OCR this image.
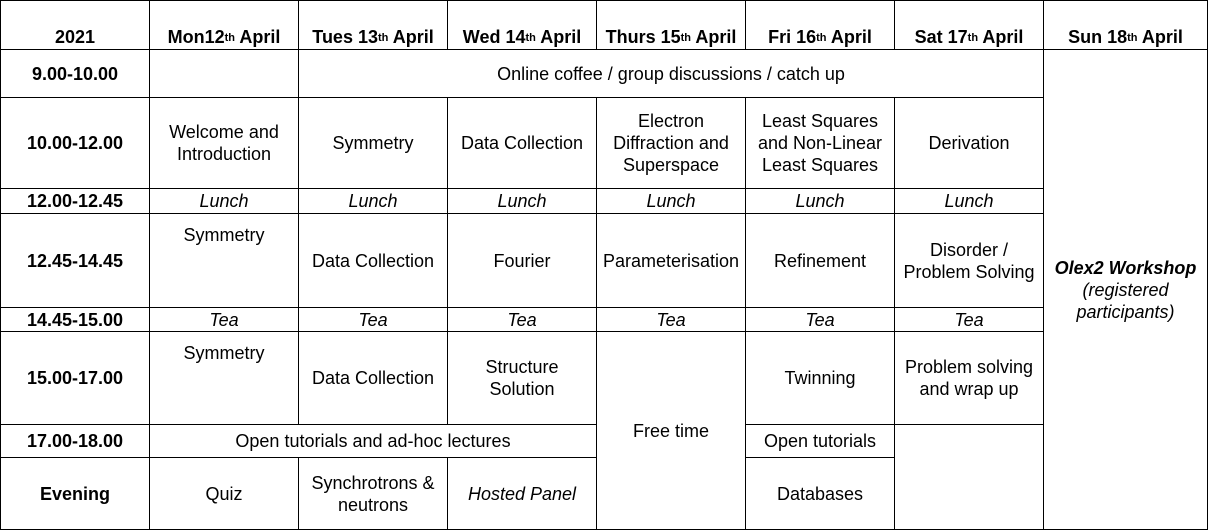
2021	Mon12th April	Tues 13th April	Wed 14th April	Thurs 15th April	Fri 16th April	Sat 17th April	Sun 18th April
9.00-10.00		Online coffee / group discussions / catch up					Olex2 Workshop
(registered
participants)

10.00-12.00	Welcome and
Introduction	Symmetry	Data Collection	Electron
Diffraction and
Superspace	Least Squares
and Non-Linear
Least Squares	Derivation	
12.00-12.45	Lunch	Lunch	Lunch	Lunch	Lunch	Lunch	
12.45-14.45	Symmetry	Data Collection	Fourier	Parameterisation	Refinement	Disorder /
Problem Solving	
14.45-15.00	Tea	Tea	Tea	Tea	Tea	Tea	
15.00-17.00	Symmetry	Data Collection	Structure
Solution	Free time	Twinning	Problem solving
and wrap up	
17.00-18.00	Open tutorials and ad-hoc lectures				Open tutorials		
Evening	Quiz	Synchrotrons &
neutrons	Hosted Panel		Databases		
